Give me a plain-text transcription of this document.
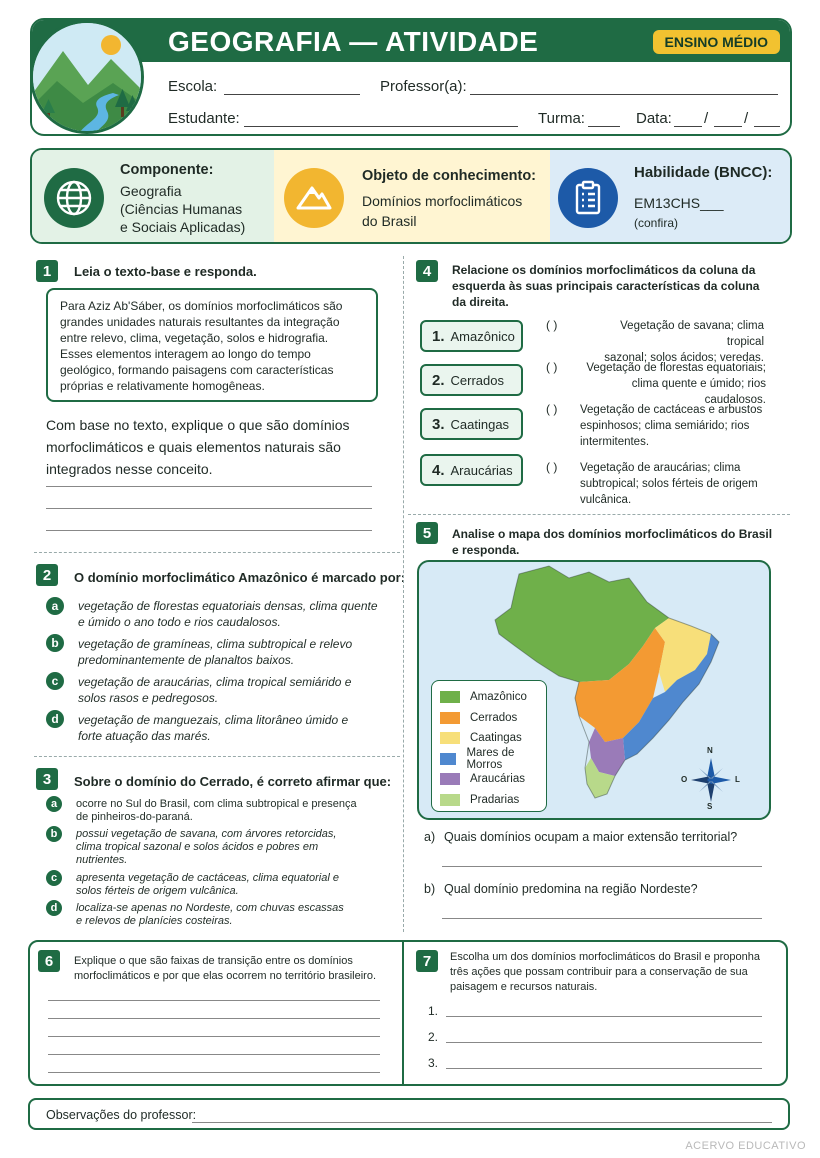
GEOGRAFIA — ATIVIDADE	ENSINO MÉDIO
Escola:	Professor(a):
Estudante:	Turma:	Data: / /
Componente:
Geografia
(Ciências Humanas
e Sociais Aplicadas)
Objeto de conhecimento:
Domínios morfoclimáticos
do Brasil
Habilidade (BNCC):
EM13CHS___
(confira)
1	Leia o texto-base e responda.
Para Aziz Ab'Sáber, os domínios morfoclimáticos são
grandes unidades naturais resultantes da integração
entre relevo, clima, vegetação, solos e hidrografia.
Esses elementos interagem ao longo do tempo
geológico, formando paisagens com características
próprias e relativamente homogêneas.
Com base no texto, explique o que são domínios
morfoclimáticos e quais elementos naturais são
integrados nesse conceito.
2	O domínio morfoclimático Amazônico é marcado por:
a	vegetação de florestas equatoriais densas, clima quente
e úmido o ano todo e rios caudalosos.
b	vegetação de gramíneas, clima subtropical e relevo
predominantemente de planaltos baixos.
c	vegetação de araucárias, clima tropical semiárido e
solos rasos e pedregosos.
d	vegetação de manguezais, clima litorâneo úmido e
forte atuação das marés.
3	Sobre o domínio do Cerrado, é correto afirmar que:
a	ocorre no Sul do Brasil, com clima subtropical e presença
de pinheiros-do-paraná.
b	possui vegetação de savana, com árvores retorcidas,
clima tropical sazonal e solos ácidos e pobres em
nutrientes.
c	apresenta vegetação de cactáceas, clima equatorial e
solos férteis de origem vulcânica.
d	localiza-se apenas no Nordeste, com chuvas escassas
e relevos de planícies costeiras.
4	Relacione os domínios morfoclimáticos da coluna da
esquerda às suas principais características da coluna
da direita.
1. Amazônico
2. Cerrados
3. Caatingas
4. Araucárias
( )	Vegetação de savana; clima tropical
sazonal; solos ácidos; veredas.
( )	Vegetação de florestas equatoriais;
clima quente e úmido; rios caudalosos.
( ) Vegetação de cactáceas e arbustos
espinhosos; clima semiárido; rios
intermitentes.
( ) Vegetação de araucárias; clima
subtropical; solos férteis de origem
vulcânica.
5	Analise o mapa dos domínios morfoclimáticos do Brasil
e responda.
Amazônico
Cerrados
Caatingas
Mares de Morros
Araucárias
Pradarias
N
S
L
O
a) Quais domínios ocupam a maior extensão territorial?
b) Qual domínio predomina na região Nordeste?
6	Explique o que são faixas de transição entre os domínios
morfoclimáticos e por que elas ocorrem no território brasileiro.
7	Escolha um dos domínios morfoclimáticos do Brasil e proponha
três ações que possam contribuir para a conservação de sua
paisagem e recursos naturais.
1.
2.
3.
Observações do professor:
ACERVO EDUCATIVO
